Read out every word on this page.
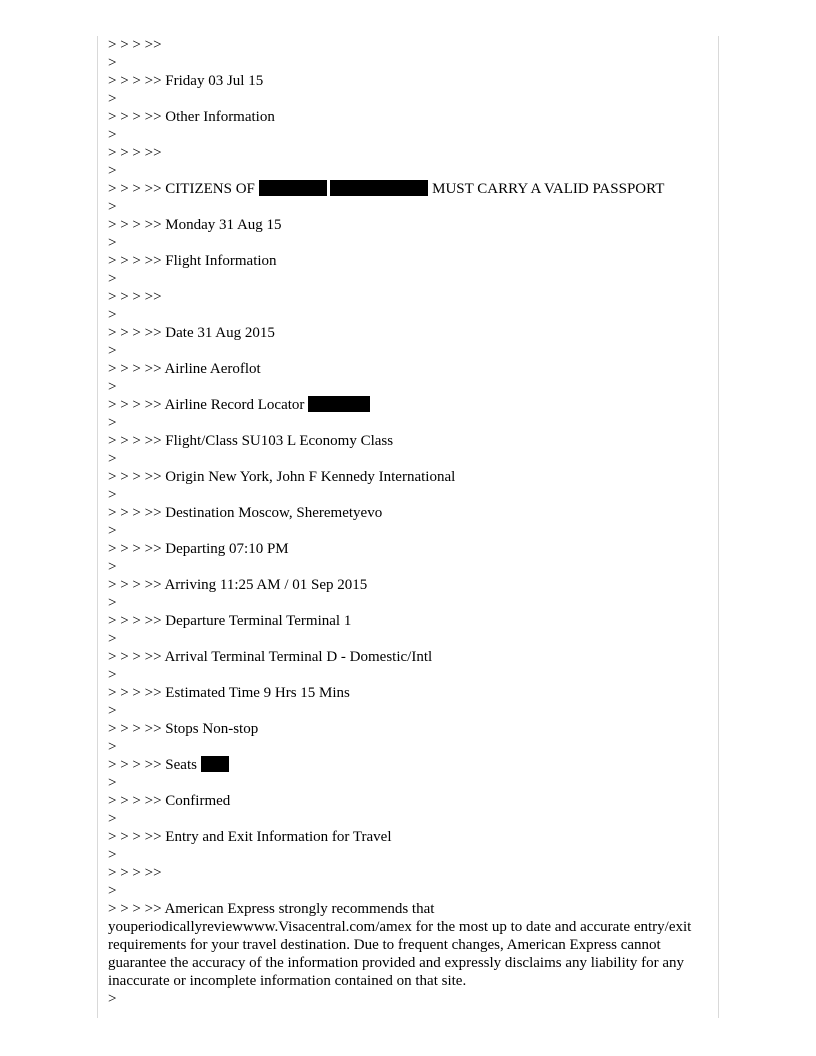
> > > >>
>
> > > >> Friday 03 Jul 15
>
> > > >> Other Information
>
> > > >>
>
> > > >> CITIZENS OF	MUST CARRY A VALID PASSPORT
>
> > > >> Monday 31 Aug 15
>
> > > >> Flight Information
>
> > > >>
>
> > > >> Date 31 Aug 2015
>
> > > >> Airline Aeroflot
>
> > > >> Airline Record Locator
>
> > > >> Flight/Class SU103 L Economy Class
>
> > > >> Origin New York, John F Kennedy International
>
> > > >> Destination Moscow, Sheremetyevo
>
> > > >> Departing 07:10 PM
>
> > > >> Arriving 11:25 AM / 01 Sep 2015
>
> > > >> Departure Terminal Terminal 1
>
> > > >> Arrival Terminal Terminal D - Domestic/Intl
>
> > > >> Estimated Time 9 Hrs 15 Mins
>
> > > >> Stops Non-stop
>
> > > >> Seats
>
> > > >> Confirmed
>
> > > >> Entry and Exit Information for Travel
>
> > > >>
>
> > > >> American Express strongly recommends that youperiodicallyreviewwww.Visacentral.com/amex for the most up to date and accurate entry/exit requirements for your travel destination. Due to frequent changes, American Express cannot guarantee the accuracy of the information provided and expressly disclaims any liability for any inaccurate or incomplete information contained on that site.
>
